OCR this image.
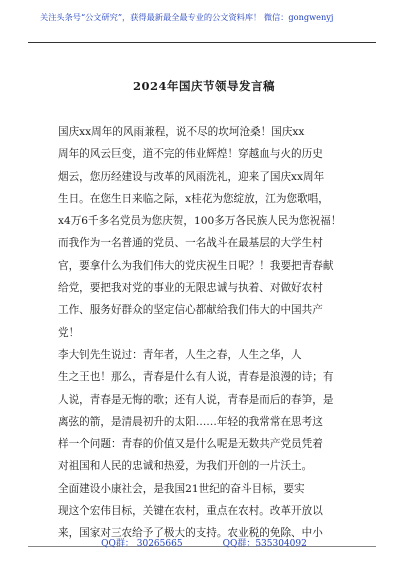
关注头条号“公文研究”，获得最新最全最专业的公文资料库！ 微信：gongwenyj
2024年国庆节领导发言稿
国庆xx周年的风雨兼程，说不尽的坎坷沧桑！国庆xx
周年的风云巨变，道不完的伟业辉煌！穿越血与火的历史
烟云，您历经建设与改革的风雨洗礼，迎来了国庆xx周年
生日。在您生日来临之际，x桂花为您绽放，江为您歌唱，
x4万6千多名党员为您庆贺，100多万各民族人民为您祝福！
而我作为一名普通的党员、一名战斗在最基层的大学生村
官，要拿什么为我们伟大的党庆祝生日呢？！我要把青春献
给党，要把我对党的事业的无限忠诚与执着、对做好农村
工作、服务好群众的坚定信心都献给我们伟大的中国共产
党！
李大钊先生说过：青年者，人生之春，人生之华，人
生之王也！那么，青春是什么有人说，青春是浪漫的诗；有
人说，青春是无悔的歌；还有人说，青春是而后的春笋，是
离弦的箭，是清晨初升的太阳……年轻的我常常在思考这
样一个问题：青春的价值又是什么呢是无数共产党员凭着
对祖国和人民的忠诚和热爱，为我们开创的一片沃土。
全面建设小康社会，是我国21世纪的奋斗目标，要实
现这个宏伟目标，关键在农村，重点在农村。改革开放以
来，国家对三农给予了极大的支持。农业税的免除、中小
QQ群： 30265665	QQ群：535304092
